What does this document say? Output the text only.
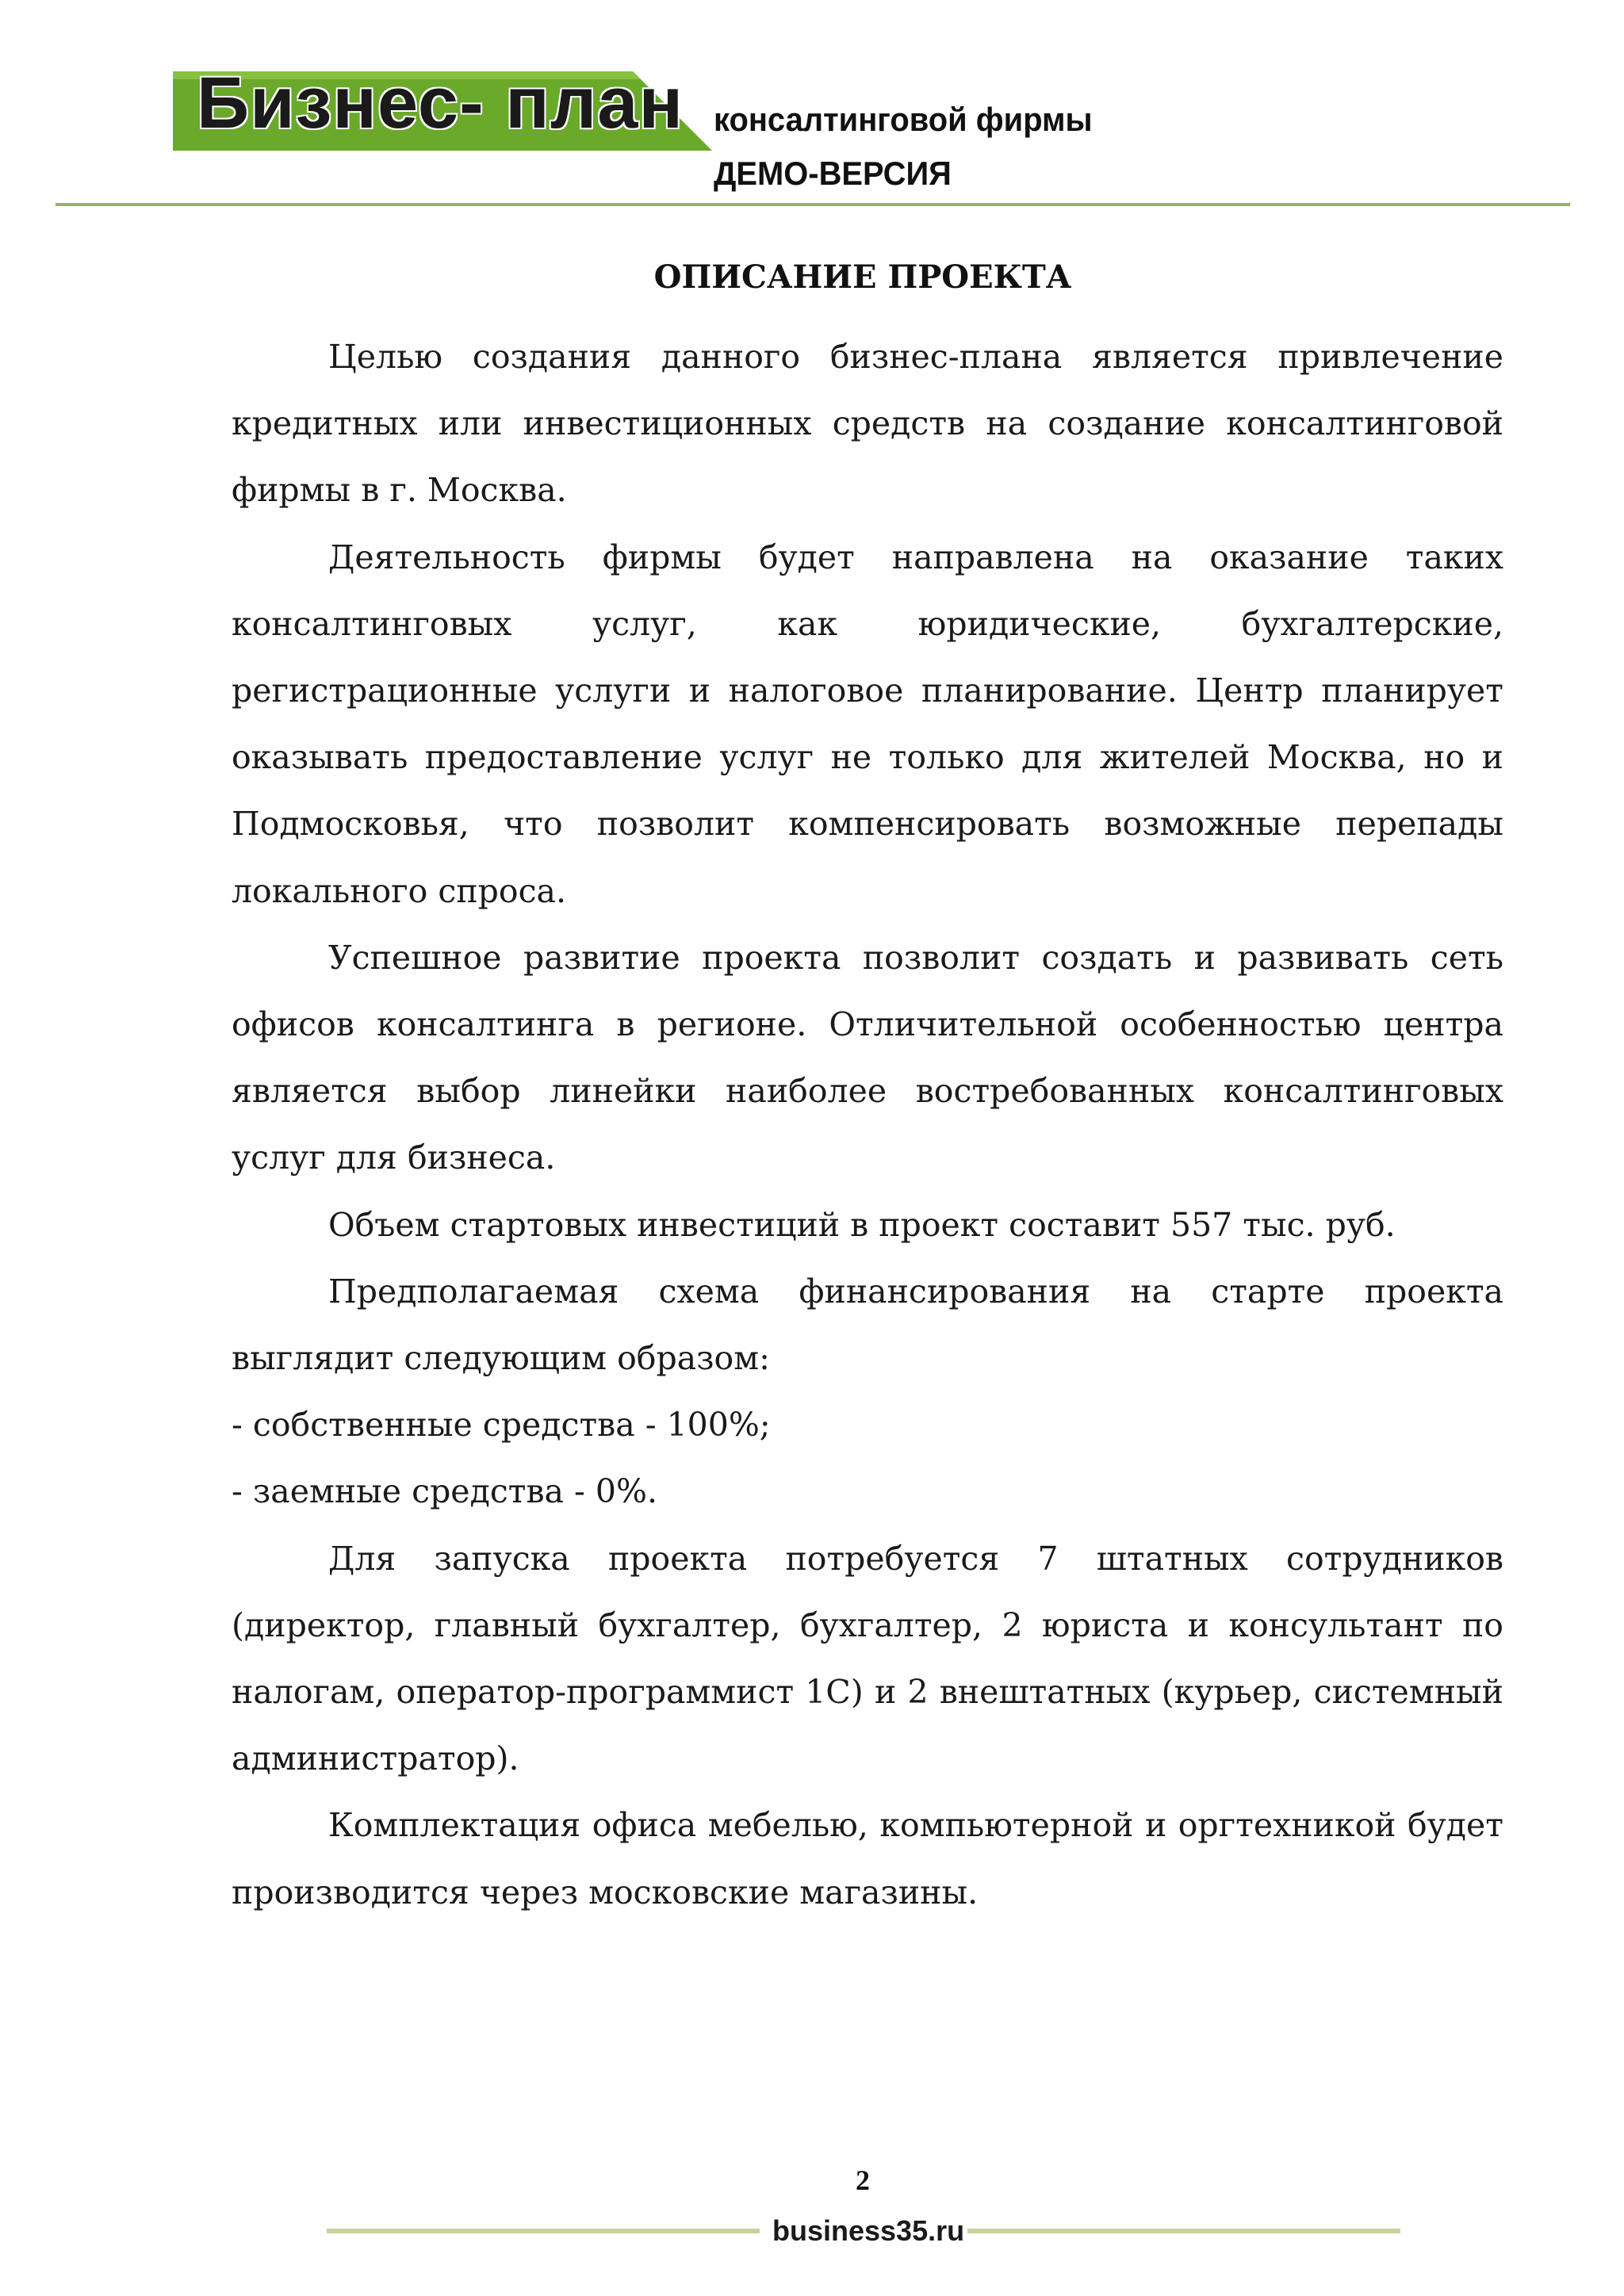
Бизнес- план консалтинговой фирмы
ДЕМО-ВЕРСИЯ
ОПИСАНИЕ ПРОЕКТА

Целью создания данного бизнес-плана является привлечение кредитных или инвестиционных средств на создание консалтинговой фирмы в г. Москва.

Деятельность фирмы будет направлена на оказание таких консалтинговых услуг, как юридические, бухгалтерские, регистрационные услуги и налоговое планирование. Центр планирует оказывать предоставление услуг не только для жителей Москва, но и Подмосковья, что позволит компенсировать возможные перепады локального спроса.

Успешное развитие проекта позволит создать и развивать сеть офисов консалтинга в регионе. Отличительной особенностью центра является выбор линейки наиболее востребованных консалтинговых услуг для бизнеса.

Объем стартовых инвестиций в проект составит 557 тыс. руб.

Предполагаемая схема финансирования на старте проекта выглядит следующим образом:

- собственные средства - 100%;

- заемные средства - 0%.

Для запуска проекта потребуется 7 штатных сотрудников (директор, главный бухгалтер, бухгалтер, 2 юриста и консультант по налогам, оператор-программист 1С) и 2 внештатных (курьер, системный администратор).

Комплектация офиса мебелью, компьютерной и оргтехникой будет производится через московские магазины.

2
business35.ru
